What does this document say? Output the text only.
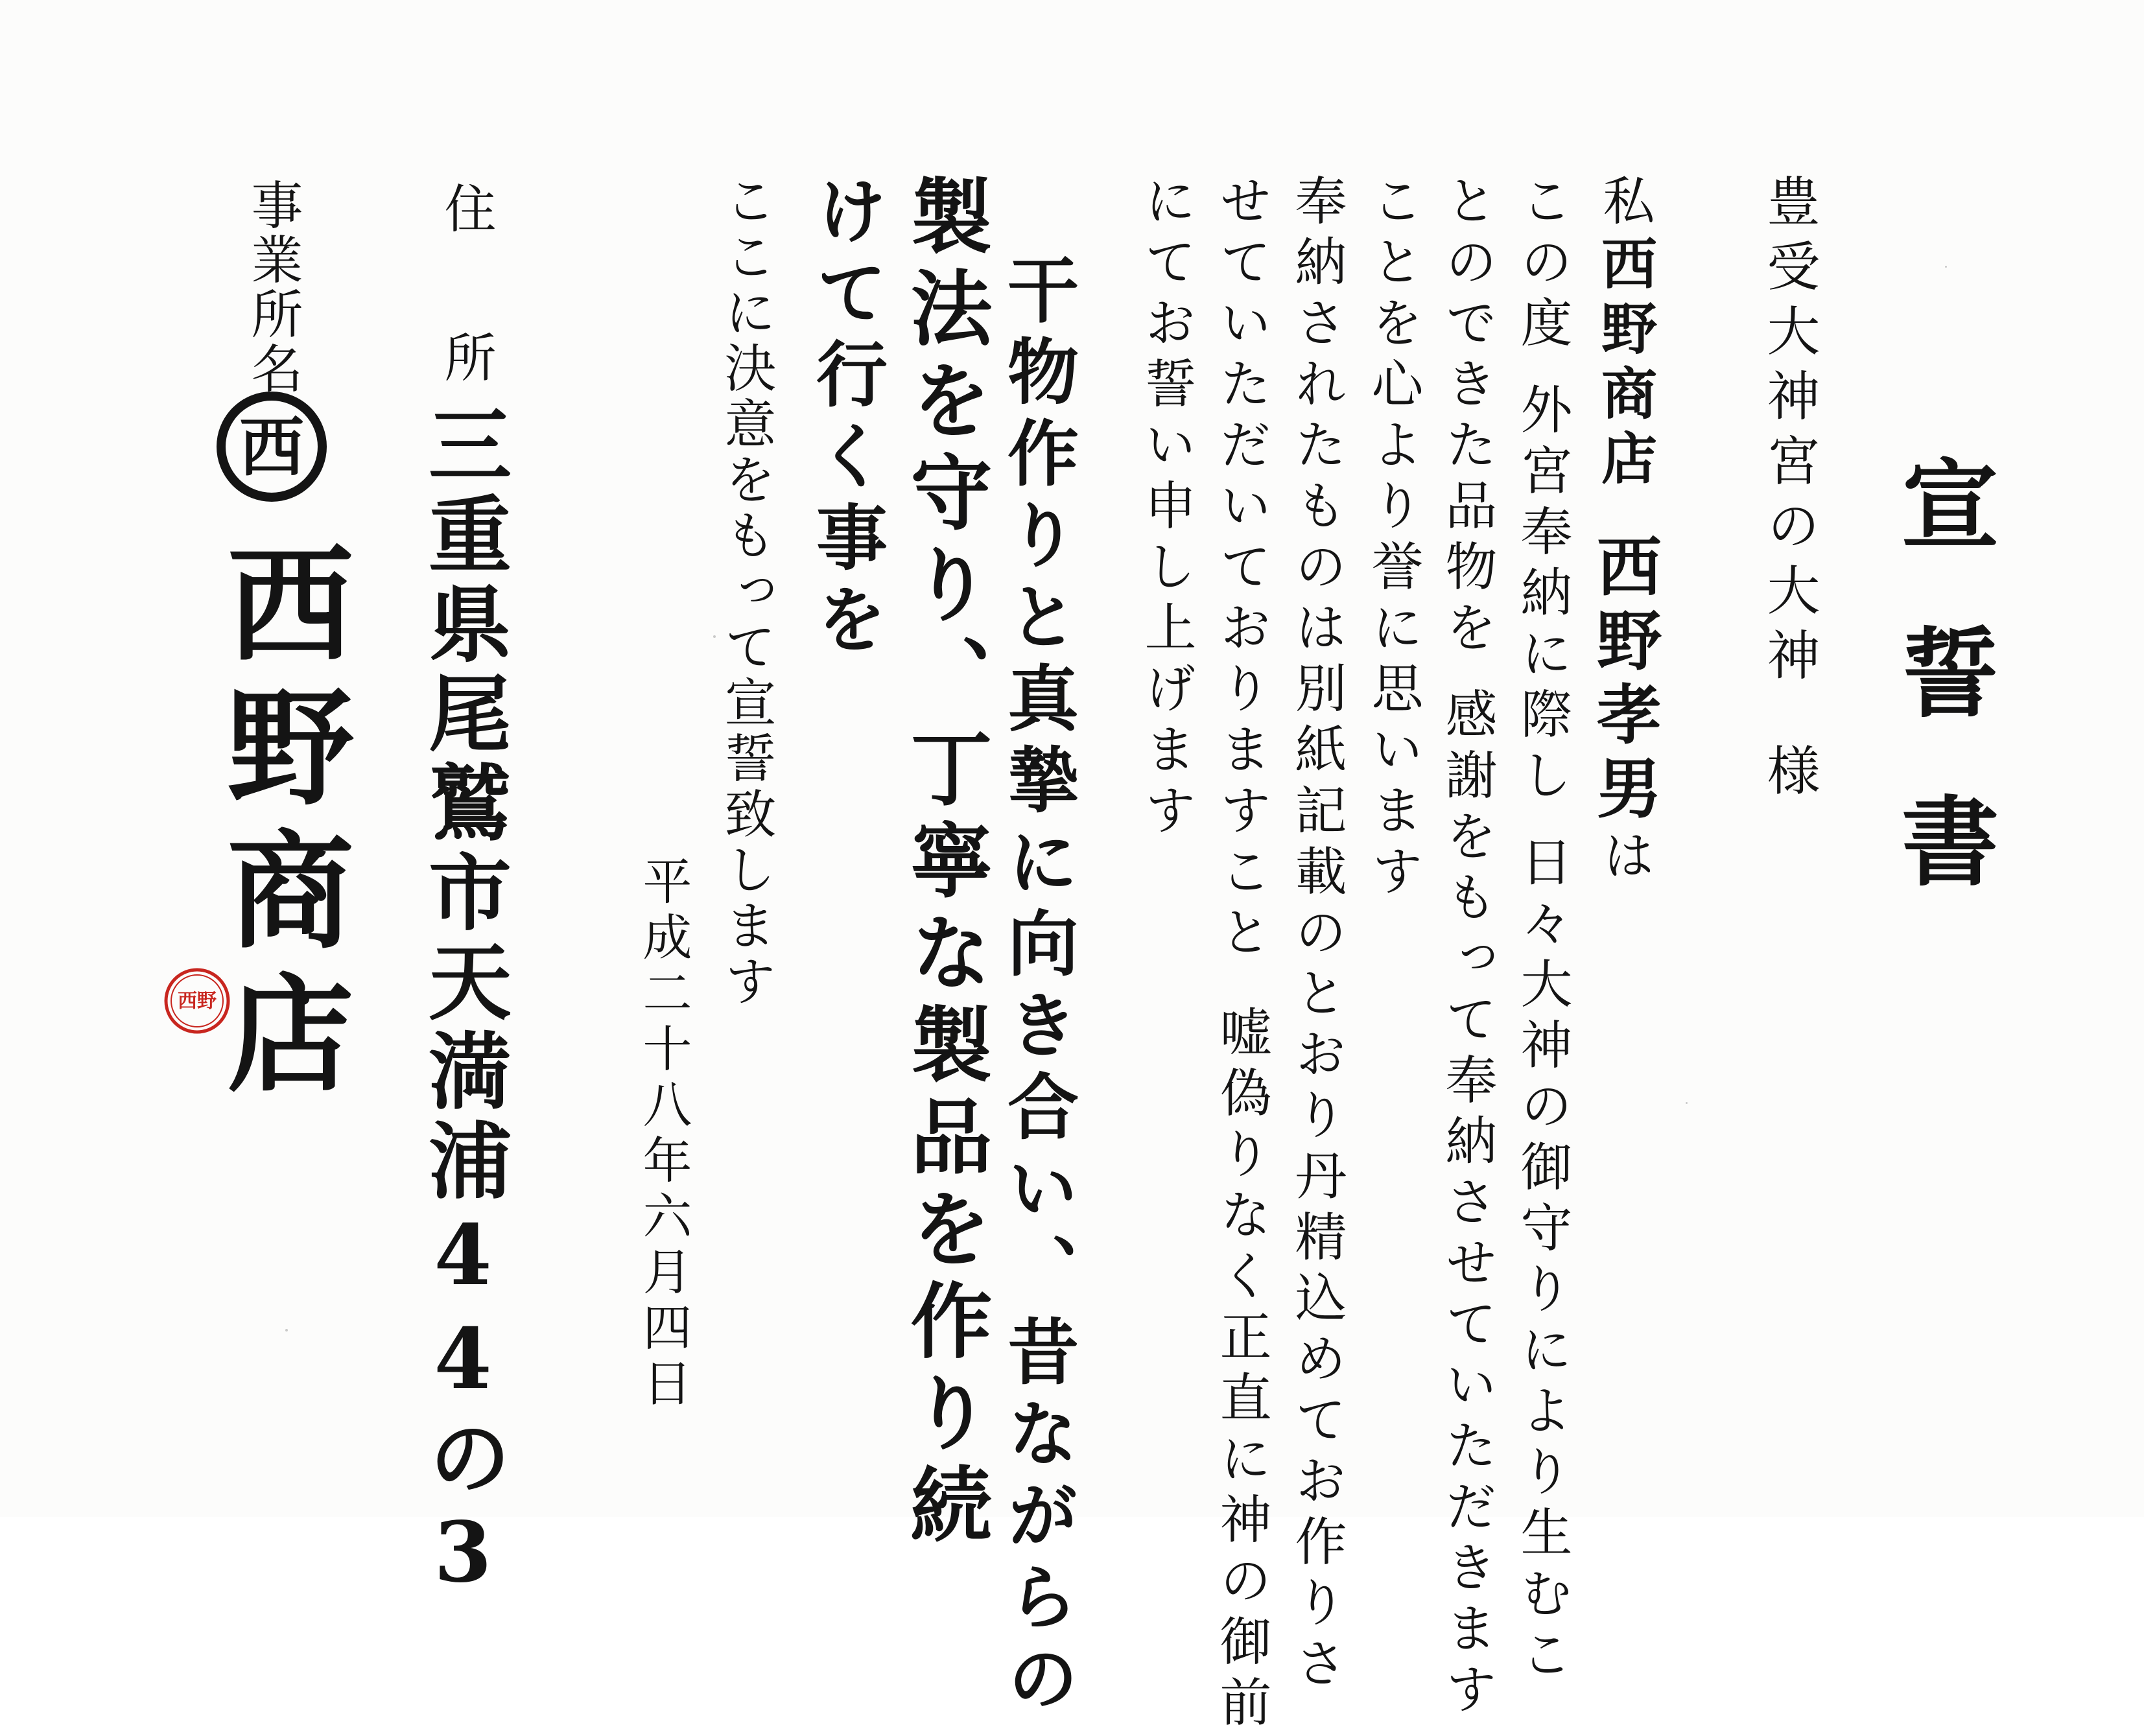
宣誓書
豊受大神宮の大神様
私西野商店西野孝男は
この度外宮奉納に際し日々大神の御守りにより生むこ
とのできた品物を感謝をもって奉納させていただきます
ことを心より誉に思います
奉納されたものは別紙記載のとおり丹精込めてお作りさ
せていただいておりますこと嘘偽りなく正直に神の御前
にてお誓い申し上げます
干物作りと真摯に向き合い、昔ながらの
製法を守り、丁寧な製品を作り続
けて行く事を
ここに決意をもって宣誓致します
平成二十八年六月四日
住
所
三重県尾鷲市天満浦44の3
事業所名
西
西野商店
西野
